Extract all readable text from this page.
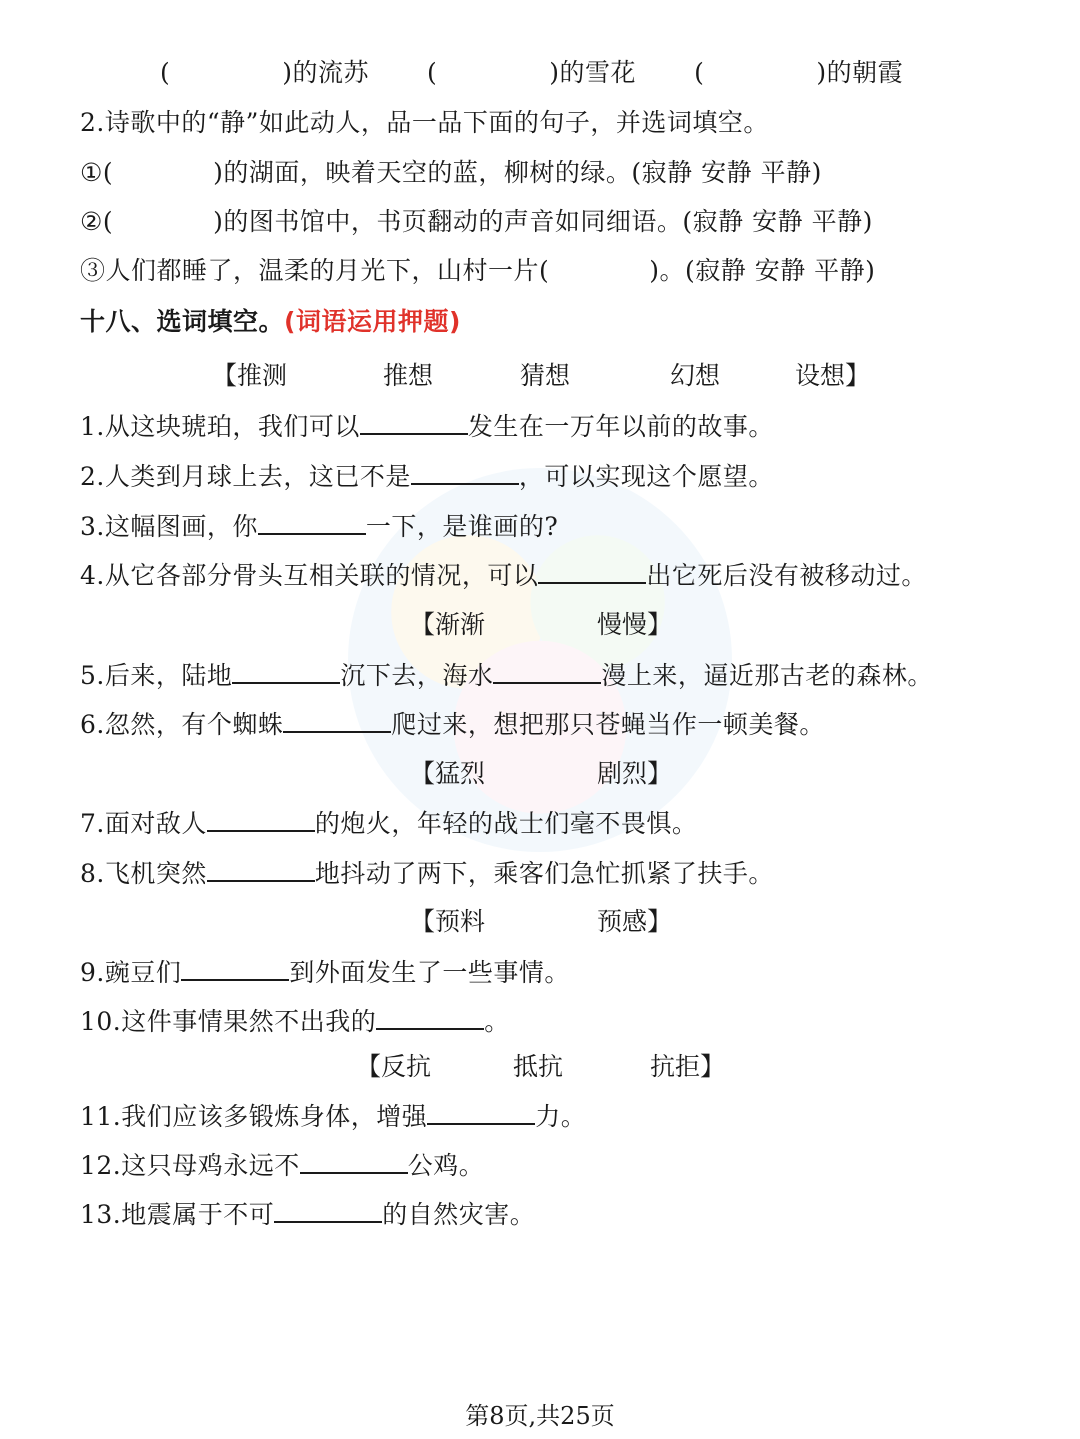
(	)的流苏 (	)的雪花 (	)的朝霞
2.诗歌中的“静”如此动人，品一品下面的句子，并选词填空。
①(	)的湖面，映着天空的蓝，柳树的绿。(寂静 安静 平静)
②(	)的图书馆中，书页翻动的声音如同细语。(寂静 安静 平静)
③人们都睡了，温柔的月光下，山村一片(	)。(寂静 安静 平静)
十八、选词填空。(词语运用押题)
【推测	推想	猜想	幻想	设想】
1.从这块琥珀，我们可以	发生在一万年以前的故事。
2.人类到月球上去，这已不是	，可以实现这个愿望。
3.这幅图画，你	一下，是谁画的?
4.从它各部分骨头互相关联的情况，可以	出它死后没有被移动过。
【渐渐	慢慢】
5.后来，陆地	沉下去，海水	漫上来，逼近那古老的森林。
6.忽然，有个蜘蛛	爬过来，想把那只苍蝇当作一顿美餐。
【猛烈	剧烈】
7.面对敌人	的炮火，年轻的战士们毫不畏惧。
8.飞机突然	地抖动了两下，乘客们急忙抓紧了扶手。
【预料	预感】
9.豌豆们	到外面发生了一些事情。
10.这件事情果然不出我的	。
【反抗	抵抗	抗拒】
11.我们应该多锻炼身体，增强	力。
12.这只母鸡永远不	公鸡。
13.地震属于不可	的自然灾害。
第8页,共25页
